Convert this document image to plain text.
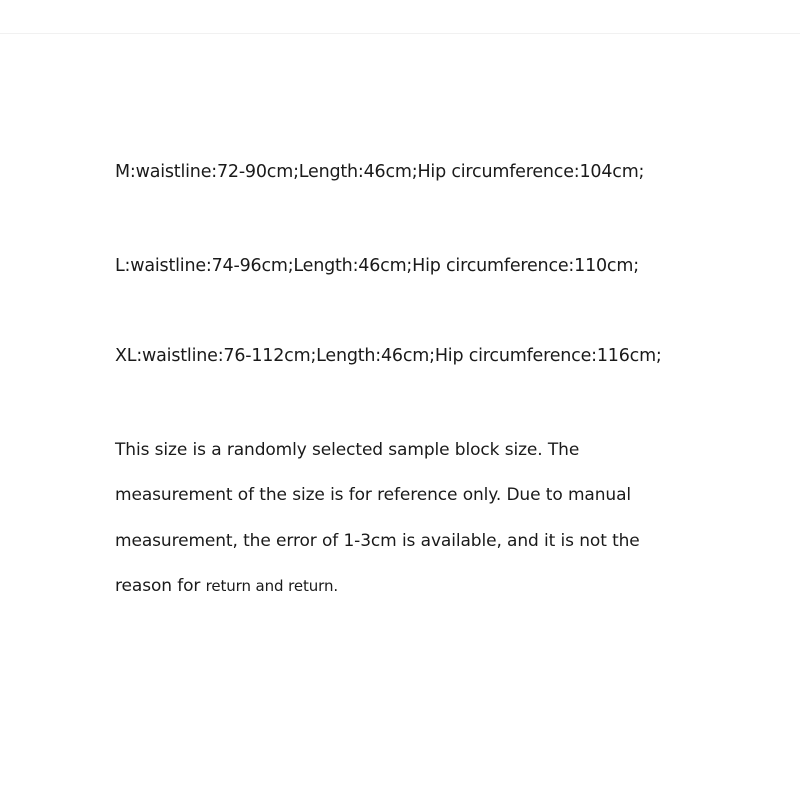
M:waistline:72-90cm;Length:46cm;Hip circumference:104cm;
L:waistline:74-96cm;Length:46cm;Hip circumference:110cm;
XL:waistline:76-112cm;Length:46cm;Hip circumference:116cm;
This size is a randomly selected sample block size. The
measurement of the size is for reference only. Due to manual
measurement, the error of 1-3cm is available, and it is not the
reason for return and return.
